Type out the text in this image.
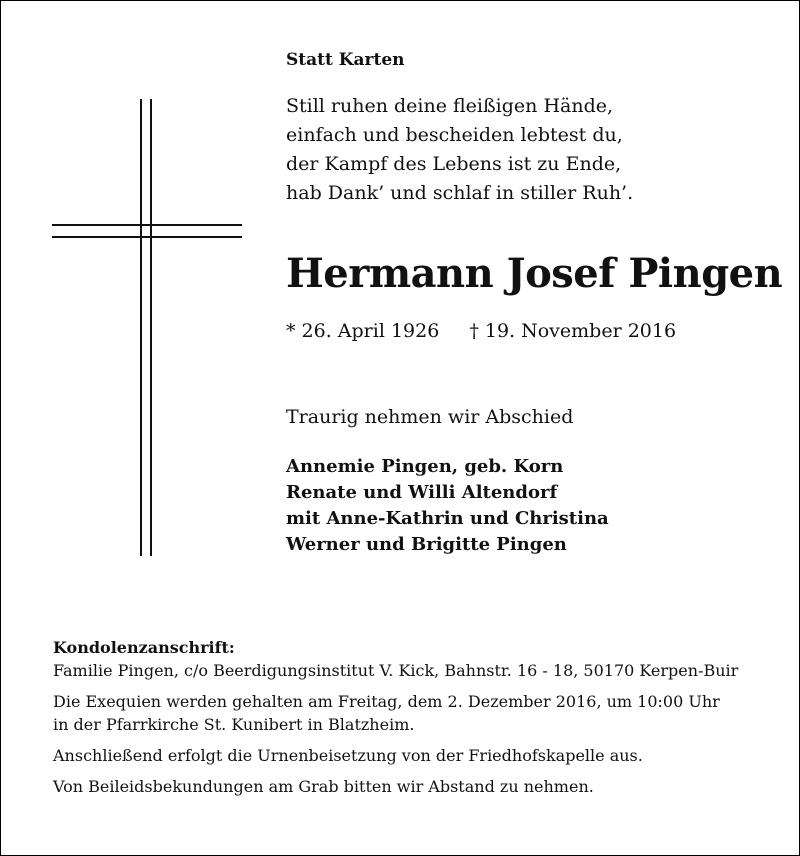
Statt Karten
Still ruhen deine fleißigen Hände,
einfach und bescheiden lebtest du,
der Kampf des Lebens ist zu Ende,
hab Dank’ und schlaf in stiller Ruh’.
Hermann Josef Pingen
* 26. April 1926 † 19. November 2016
Traurig nehmen wir Abschied
Annemie Pingen, geb. Korn
Renate und Willi Altendorf
mit Anne-Kathrin und Christina
Werner und Brigitte Pingen
Kondolenzanschrift:
Familie Pingen, c/o Beerdigungsinstitut V. Kick, Bahnstr. 16 - 18, 50170 Kerpen-Buir
Die Exequien werden gehalten am Freitag, dem 2. Dezember 2016, um 10:00 Uhr
in der Pfarrkirche St. Kunibert in Blatzheim.
Anschließend erfolgt die Urnenbeisetzung von der Friedhofskapelle aus.
Von Beileidsbekundungen am Grab bitten wir Abstand zu nehmen.
